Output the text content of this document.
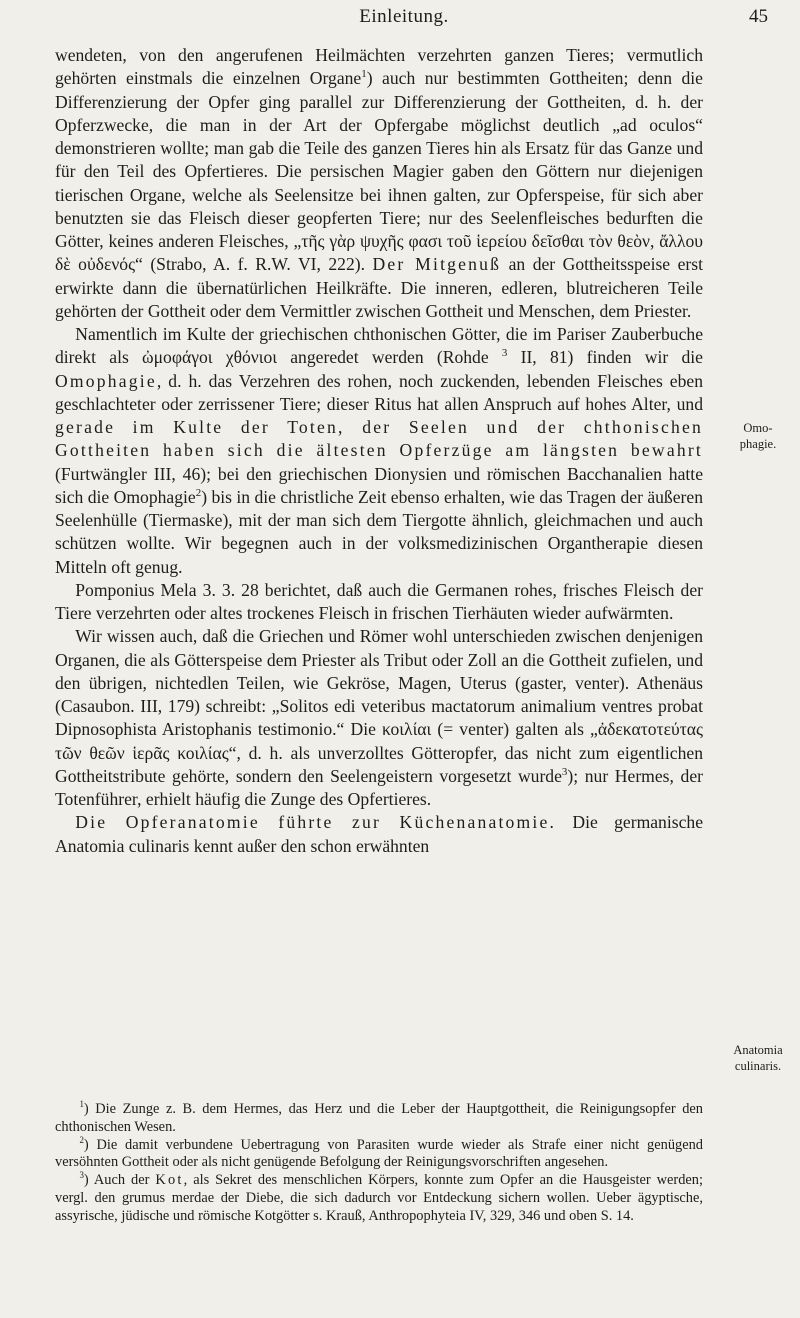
Einleitung.	45

wendeten, von den angerufenen Heilmächten verzehrten ganzen Tieres; vermutlich gehörten einstmals die einzelnen Organe$^1$) auch nur bestimmten Gottheiten; denn die Differenzierung der Opfer ging parallel zur Differenzierung der Gottheiten, d. h. der Opferzwecke, die man in der Art der Opfergabe möglichst deutlich „ad oculos“ demonstrieren wollte; man gab die Teile des ganzen Tieres hin als Ersatz für das Ganze und für den Teil des Opfertieres. Die persischen Magier gaben den Göttern nur diejenigen tierischen Organe, welche als Seelensitze bei ihnen galten, zur Opferspeise, für sich aber benutzten sie das Fleisch dieser geopferten Tiere; nur des Seelenfleisches bedurften die Götter, keines anderen Fleisches, „τῆς γὰρ ψυχῆς φασι τοῦ ἱερείου δεῖσθαι τὸν θεὸν, ἄλλου δὲ οὐδενός“ (Strabo, A. f. R.W. VI, 222). Der Mitgenuß an der Gottheitsspeise erst erwirkte dann die übernatürlichen Heilkräfte. Die inneren, edleren, blutreicheren Teile gehörten der Gottheit oder dem Vermittler zwischen Gottheit und Menschen, dem Priester.

Namentlich im Kulte der griechischen chthonischen Götter, die im Pariser Zauberbuche direkt als ὠμοφάγοι χθόνιοι angeredet werden (Rohde $^3$ II, 81) finden wir die Omophagie, d. h. das Verzehren des rohen, noch zuckenden, lebenden Fleisches eben geschlachteter oder zerrissener Tiere; dieser Ritus hat allen Anspruch auf hohes Alter, und gerade im Kulte der Toten, der Seelen und der chthonischen Gottheiten haben sich die ältesten Opferzüge am längsten bewahrt (Furtwängler III, 46); bei den griechischen Dionysien und römischen Bacchanalien hatte sich die Omophagie$^2$) bis in die christliche Zeit ebenso erhalten, wie das Tragen der äußeren Seelenhülle (Tiermaske), mit der man sich dem Tiergotte ähnlich, gleichmachen und auch schützen wollte. Wir begegnen auch in der volksmedizinischen Organtherapie diesen Mitteln oft genug.

Pomponius Mela 3. 3. 28 berichtet, daß auch die Germanen rohes, frisches Fleisch der Tiere verzehrten oder altes trockenes Fleisch in frischen Tierhäuten wieder aufwärmten.

Wir wissen auch, daß die Griechen und Römer wohl unterschieden zwischen denjenigen Organen, die als Götterspeise dem Priester als Tribut oder Zoll an die Gottheit zufielen, und den übrigen, nichtedlen Teilen, wie Gekröse, Magen, Uterus (gaster, venter). Athenäus (Casaubon. III, 179) schreibt: „Solitos edi veteribus mactatorum animalium ventres probat Dipnosophista Aristophanis testimonio.“ Die κοιλίαι (= venter) galten als „ἀδεκατοτεύτας τῶν θεῶν ἱερᾶς κοιλίας“, d. h. als unverzolltes Götteropfer, das nicht zum eigentlichen Gottheitstribute gehörte, sondern den Seelengeistern vorgesetzt wurde$^3$); nur Hermes, der Totenführer, erhielt häufig die Zunge des Opfertieres.

Die Opferanatomie führte zur Küchenanatomie. Die germanische Anatomia culinaris kennt außer den schon erwähnten

Omo-
phagie.
Anatomia
culinaris.

$^1$) Die Zunge z. B. dem Hermes, das Herz und die Leber der Hauptgottheit, die Reinigungsopfer den chthonischen Wesen.

$^2$) Die damit verbundene Uebertragung von Parasiten wurde wieder als Strafe einer nicht genügend versöhnten Gottheit oder als nicht genügende Befolgung der Reinigungsvorschriften angesehen.

$^3$) Auch der Kot, als Sekret des menschlichen Körpers, konnte zum Opfer an die Hausgeister werden; vergl. den grumus merdae der Diebe, die sich dadurch vor Entdeckung sichern wollen. Ueber ägyptische, assyrische, jüdische und römische Kotgötter s. Krauß, Anthropophyteia IV, 329, 346 und oben S. 14.
